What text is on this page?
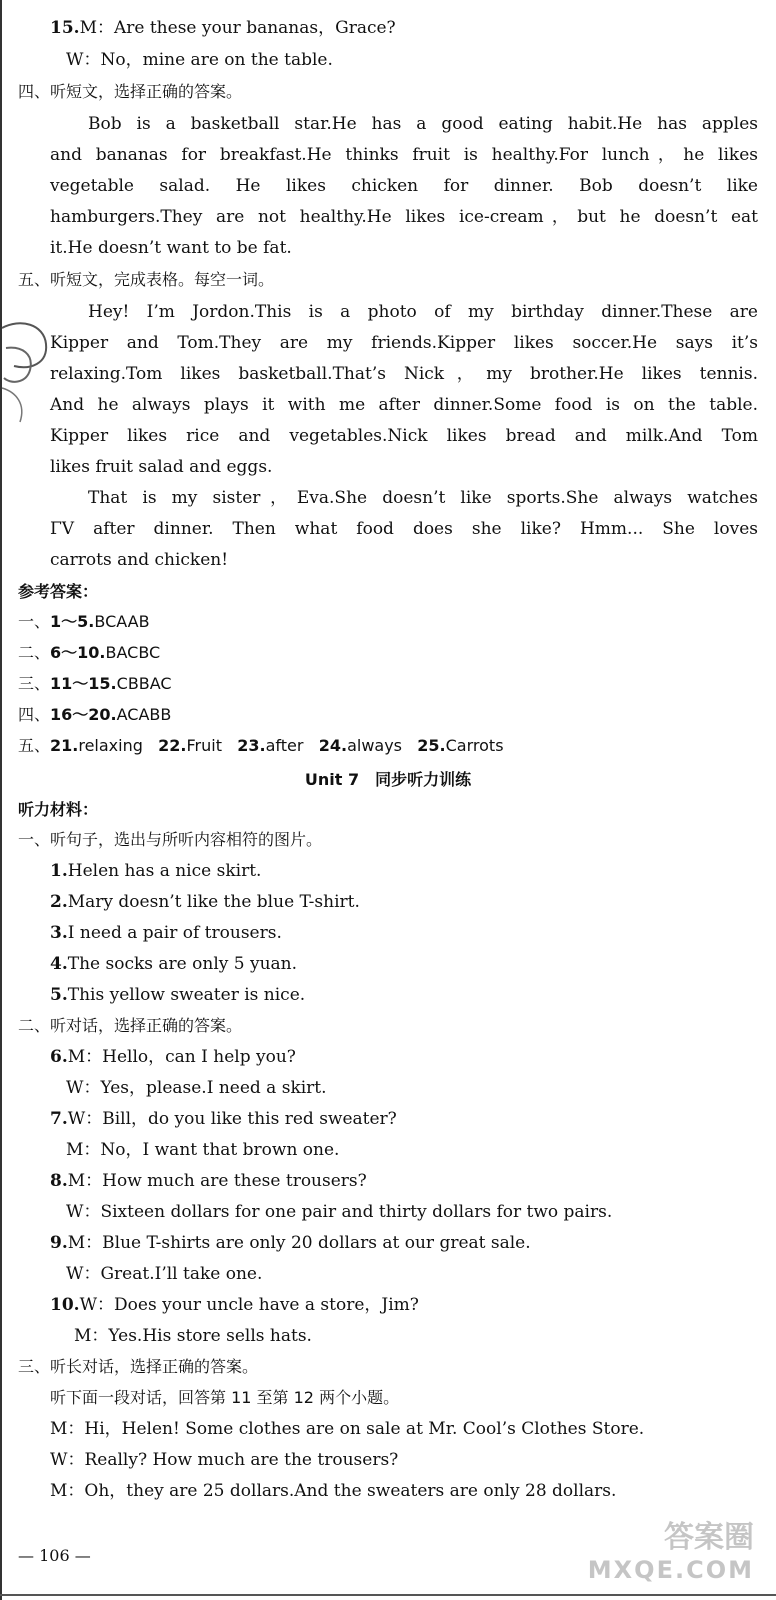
15.M：Are these your bananas，Grace?
W：No，mine are on the table.
四、听短文，选择正确的答案。
Bob is a basketball star.He has a good eating habit.He has apples
and bananas for breakfast.He thinks fruit is healthy.For lunch，he likes
vegetable salad. He likes chicken for dinner. Bob doesn’t like
hamburgers.They are not healthy.He likes ice-cream，but he doesn’t eat
it.He doesn’t want to be fat.
五、听短文，完成表格。每空一词。
Hey! I’m Jordon.This is a photo of my birthday dinner.These are
Kipper and Tom.They are my friends.Kipper likes soccer.He says it’s
relaxing.Tom likes basketball.That’s Nick，my brother.He likes tennis.
And he always plays it with me after dinner.Some food is on the table.
Kipper likes rice and vegetables.Nick likes bread and milk.And Tom
likes fruit salad and eggs.
That is my sister，Eva.She doesn’t like sports.She always watches
ΓV after dinner. Then what food does she like? Hmm... She loves
carrots and chicken!
参考答案：
一、1～5.BCAAB
二、6～10.BACBC
三、11～15.CBBAC
四、16～20.ACABB
五、21.relaxing 22.Fruit 23.after 24.always 25.Carrots
Unit 7　同步听力训练
听力材料：
一、听句子，选出与所听内容相符的图片。
1.Helen has a nice skirt.
2.Mary doesn’t like the blue T-shirt.
3.I need a pair of trousers.
4.The socks are only 5 yuan.
5.This yellow sweater is nice.
二、听对话，选择正确的答案。
6.M：Hello，can I help you?
W：Yes，please.I need a skirt.
7.W：Bill，do you like this red sweater?
M：No，I want that brown one.
8.M：How much are these trousers?
W：Sixteen dollars for one pair and thirty dollars for two pairs.
9.M：Blue T-shirts are only 20 dollars at our great sale.
W：Great.I’ll take one.
10.W：Does your uncle have a store，Jim?
M：Yes.His store sells hats.
三、听长对话，选择正确的答案。
听下面一段对话，回答第 11 至第 12 两个小题。
M：Hi，Helen! Some clothes are on sale at Mr. Cool’s Clothes Store.
W：Really? How much are the trousers?
M：Oh，they are 25 dollars.And the sweaters are only 28 dollars.
— 106 —
答案圈
MXQE.COM
